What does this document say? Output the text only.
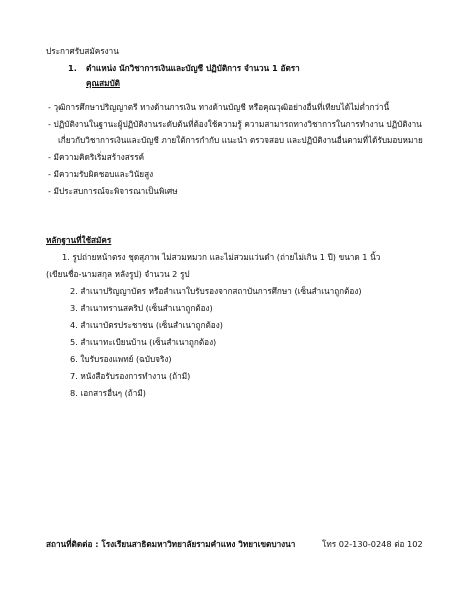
ประกาศรับสมัครงาน
1. ตำแหน่ง นักวิชาการเงินและบัญชี ปฏิบัติการ จำนวน 1 อัตรา
คุณสมบัติ
- วุฒิการศึกษาปริญญาตรี ทางด้านการเงิน ทางด้านบัญชี หรือคุณวุฒิอย่างอื่นที่เทียบได้ไม่ต่ำกว่านี้
- ปฏิบัติงานในฐานะผู้ปฏิบัติงานระดับต้นที่ต้องใช้ความรู้ ความสามารถทางวิชาการในการทำงาน ปฏิบัติงาน
เกี่ยวกับวิชาการเงินและบัญชี ภายใต้การกำกับ แนะนำ ตรวจสอบ และปฏิบัติงานอื่นตามที่ได้รับมอบหมาย
- มีความคิดริเริ่มสร้างสรรค์
- มีความรับผิดชอบและวินัยสูง
- มีประสบการณ์จะพิจารณาเป็นพิเศษ
หลักฐานที่ใช้สมัคร
1. รูปถ่ายหน้าตรง ชุดสุภาพ ไม่สวมหมวก และไม่สวมแว่นดำ (ถ่ายไม่เกิน 1 ปี) ขนาด 1 นิ้ว
(เขียนชื่อ-นามสกุล หลังรูป) จำนวน 2 รูป
2. สำเนาปริญญาบัตร หรือสำเนาใบรับรองจากสถาบันการศึกษา (เซ็นสำเนาถูกต้อง)
3. สำเนาทรานสคริป (เซ็นสำเนาถูกต้อง)
4. สำเนาบัตรประชาชน (เซ็นสำเนาถูกต้อง)
5. สำเนาทะเบียนบ้าน (เซ็นสำเนาถูกต้อง)
6. ใบรับรองแพทย์ (ฉบับจริง)
7. หนังสือรับรองการทำงาน (ถ้ามี)
8. เอกสารอื่นๆ (ถ้ามี)
สถานที่ติดต่อ : โรงเรียนสาธิตมหาวิทยาลัยรามคำแหง วิทยาเขตบางนา	โทร 02-130-0248 ต่อ 102
